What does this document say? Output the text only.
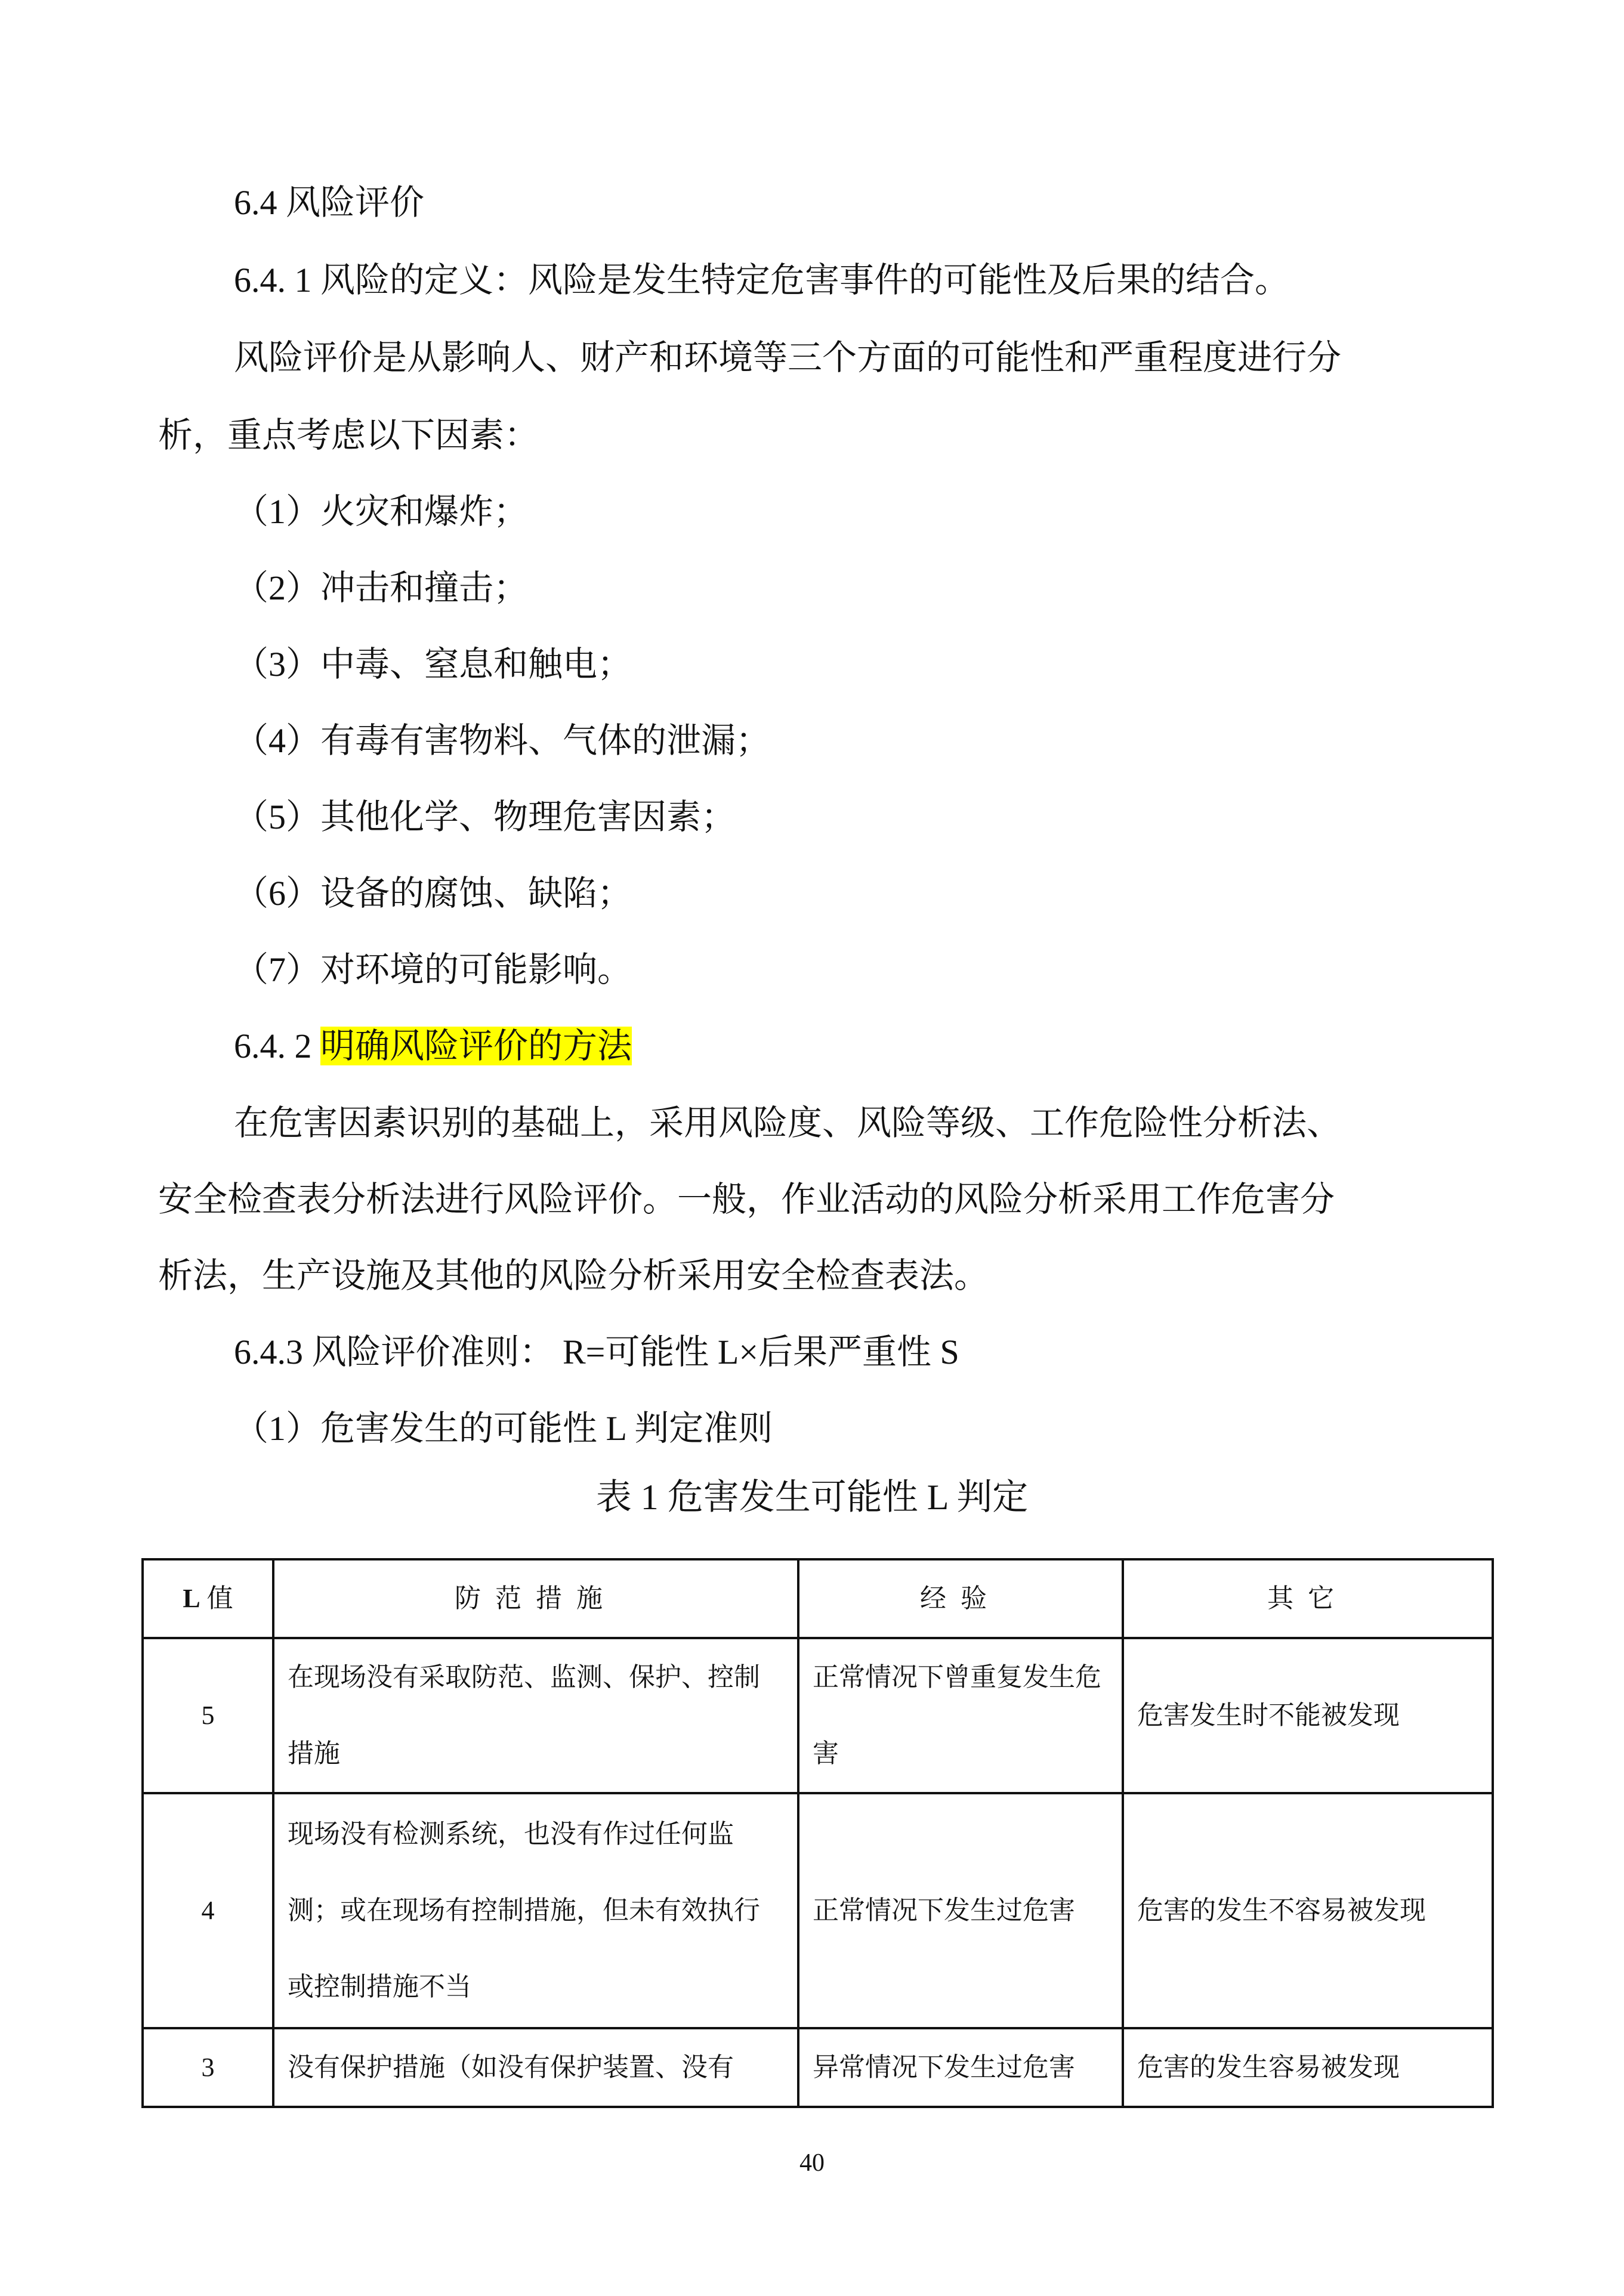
6.4 风险评价
6.4. 1 风险的定义：风险是发生特定危害事件的可能性及后果的结合。
风险评价是从影响人、财产和环境等三个方面的可能性和严重程度进行分
析，重点考虑以下因素：
（1）火灾和爆炸；
（2）冲击和撞击；
（3）中毒、窒息和触电；
（4）有毒有害物料、气体的泄漏；
（5）其他化学、物理危害因素；
（6）设备的腐蚀、缺陷；
（7）对环境的可能影响。
6.4. 2 明确风险评价的方法
在危害因素识别的基础上，采用风险度、风险等级、工作危险性分析法、
安全检查表分析法进行风险评价。一般，作业活动的风险分析采用工作危害分
析法，生产设施及其他的风险分析采用安全检查表法。
6.4.3 风险评价准则： R=可能性 L×后果严重性 S
（1）危害发生的可能性 L 判定准则
表 1 危害发生可能性 L 判定
L 值	防范措施	经验	其它
5	在现场没有采取防范、监测、保护、控制措施	正常情况下曾重复发生危害	危害发生时不能被发现
4	现场没有检测系统，也没有作过任何监测；或在现场有控制措施，但未有效执行或控制措施不当	正常情况下发生过危害	危害的发生不容易被发现
3	没有保护措施（如没有保护装置、没有	异常情况下发生过危害	危害的发生容易被发现
40
